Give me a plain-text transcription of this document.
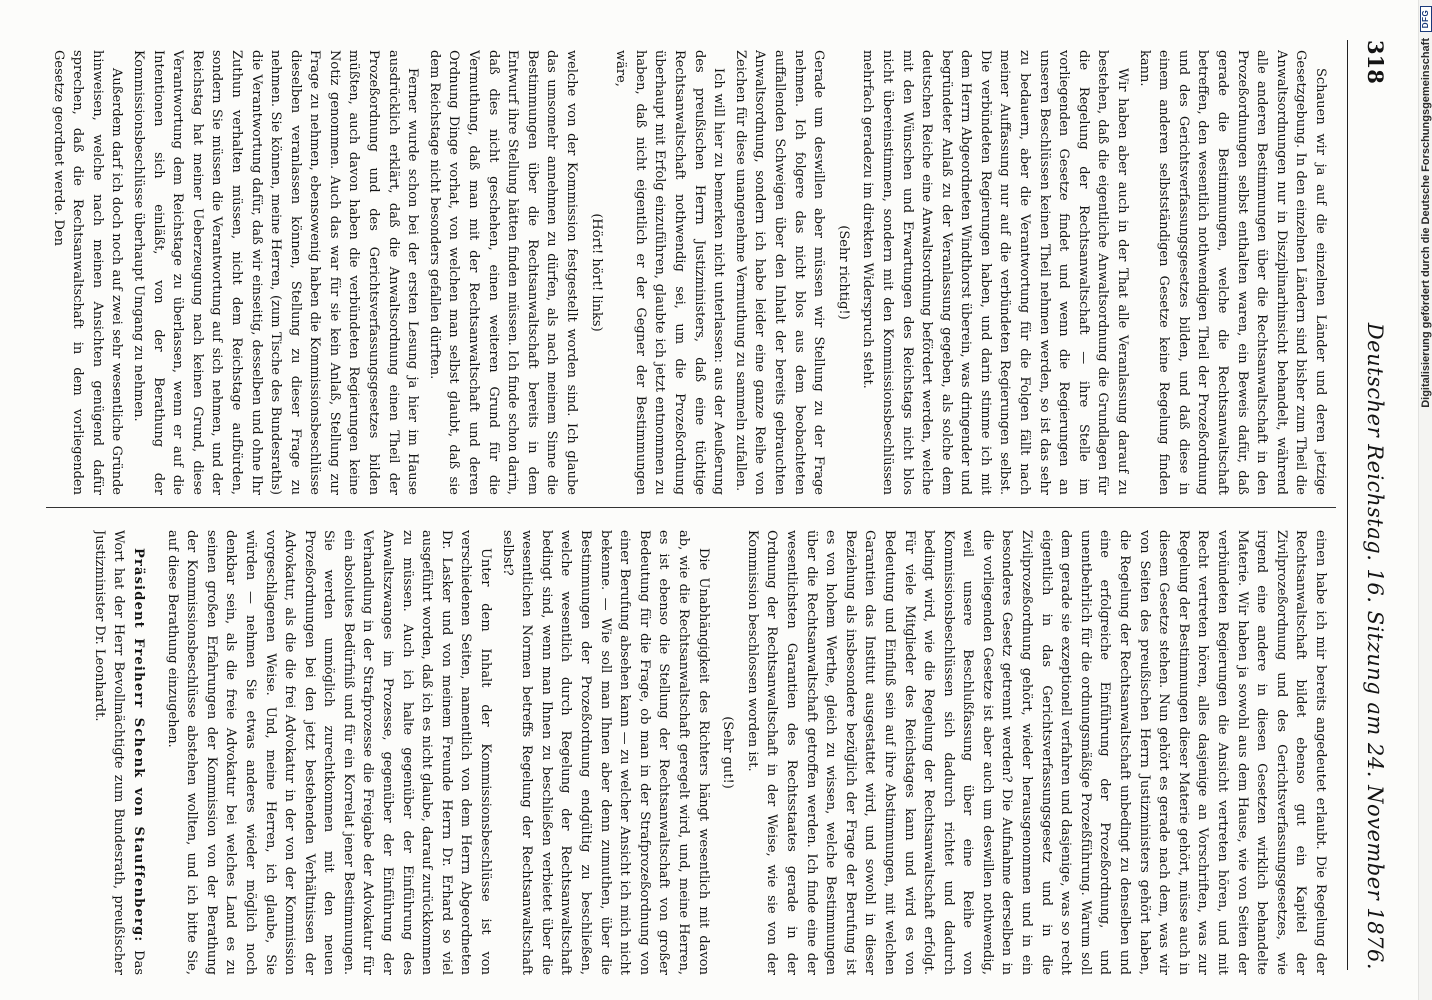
318
Deutscher Reichstag. 16. Sitzung am 24. November 1876.

Schauen wir ja auf die einzelnen Länder und deren jetzige Gesetzgebung. In den einzelnen Ländern sind bisher zum Theil die Anwaltsordnungen nur in Disziplinarhinsicht behandelt, während alle anderen Bestimmungen über die Rechtsanwaltschaft in den Prozeßordnungen selbst enthalten waren, ein Beweis dafür, daß gerade die Bestimmungen, welche die Rechtsanwaltschaft betreffen, den wesentlich nothwendigen Theil der Prozeßordnung und des Gerichtsverfassungsgesetzes bilden, und daß diese in einem anderen selbstständigen Gesetze keine Regelung finden kann.

Wir haben aber auch in der That alle Veranlassung darauf zu bestehen, daß die eigentliche Anwaltsordnung die Grundlagen für die Regelung der Rechtsanwaltschaft — ihre Stelle im vorliegenden Gesetze findet und wenn die Regierungen an unseren Beschlüssen keinen Theil nehmen werden, so ist das sehr zu bedauern, aber die Verantwortung für die Folgen fällt nach meiner Auffassung nur auf die verbündeten Regierungen selbst. Die verbündeten Regierungen haben, und darin stimme ich mit dem Herrn Abgeordneten Windthorst überein, was dringender und begründeter Anlaß zu der Veranlassung gegeben, als solche dem deutschen Reiche eine Anwaltsordnung befördert werden, welche mit den Wünschen und Erwartungen des Reichstags nicht blos nicht übereinstimmen, sondern mit den Kommissionsbeschlüssen mehrfach geradezu im direkten Widerspruch steht.

(Sehr richtig!)

Gerade um deswillen aber müssen wir Stellung zu der Frage nehmen. Ich folgere das nicht blos aus dem beobachteten auffallenden Schweigen über den Inhalt der bereits gebrauchten Anwaltsordnung, sondern ich habe leider eine ganze Reihe von Zeichen für diese unangenehme Vermuthung zu sammeln zufallen.

Ich will hier zu bemerken nicht unterlassen: aus der Aeußerung des preußischen Herrn Justizministers, daß eine tüchtige Rechtsanwaltschaft nothwendig sei, um die Prozeßordnung überhaupt mit Erfolg einzuführen, glaubte ich jetzt entnommen zu haben, daß nicht eigentlich er der Gegner der Bestimmungen wäre,

(Hört! hört! links)

welche von der Kommission festgestellt worden sind. Ich glaube das umsomehr annehmen zu dürfen, als nach meinem Sinne die Bestimmungen über die Rechtsanwaltschaft bereits in dem Entwurf ihre Stellung hätten finden müssen. Ich finde schon darin, daß dies nicht geschehen, einen weiteren Grund für die Vermuthung, daß man mit der Rechtsanwaltschaft und deren Ordnung Dinge vorhat, von welchen man selbst glaubt, daß sie dem Reichstage nicht besonders gefallen dürften.

Ferner wurde schon bei der ersten Lesung ja hier im Hause ausdrücklich erklärt, daß die Anwaltsordnung einen Theil der Prozeßordnung und des Gerichtsverfassungsgesetzes bilden müßten, auch davon haben die verbündeten Regierungen keine Notiz genommen. Auch das war für sie kein Anlaß, Stellung zur Frage zu nehmen, ebensowenig haben die Kommissionsbeschlüsse dieselben veranlassen können, Stellung zu dieser Frage zu nehmen. Sie können, meine Herren, (zum Tische des Bundesraths) die Verantwortung dafür, daß wir einseitig, desselben und ohne Ihr Zuthun verhalten müssen, nicht dem Reichstage aufbürden, sondern Sie müssen die Verantwortung auf sich nehmen, und der Reichstag hat meiner Ueberzeugung nach keinen Grund, diese Verantwortung dem Reichstage zu überlassen, wenn er auf die Intentionen sich einläßt, von der Berathung der Kommissionsbeschlüsse überhaupt Umgang zu nehmen.

Außerdem darf ich doch noch auf zwei sehr wesentliche Gründe hinweisen, welche nach meinen Ansichten genügend dafür sprechen, daß die Rechtsanwaltschaft in dem vorliegenden Gesetze geordnet werde. Den

einen habe ich mir bereits angedeutet erlaubt. Die Regelung der Rechtsanwaltschaft bildet ebenso gut ein Kapitel der Zivilprozeßordnung und des Gerichtsverfassungsgesetzes, wie irgend eine andere in diesen Gesetzen wirklich behandelte Materie. Wir haben ja sowohl aus dem Hause, wie von Seiten der verbündeten Regierungen die Ansicht vertreten hören, und mit Recht vertreten hören, alles dasjenige an Vorschriften, was zur Regelung der Bestimmungen dieser Materie gehört, müsse auch in diesem Gesetze stehen. Nun gehört es gerade nach dem, was wir von Seiten des preußischen Herrn Justizministers gehört haben, die Regelung der Rechtsanwaltschaft unbedingt zu denselben und eine erfolgreiche Einführung der Prozeßordnung, und unentbehrlich für die ordnungsmäßige Prozeßführung. Warum soll dem gerade sie exzeptionell verfahren und dasjenige, was so recht eigentlich in das Gerichtsverfassungsgesetz und in die Zivilprozeßordnung gehört, wieder herausgenommen und in ein besonderes Gesetz getrennt werden? Die Aufnahme derselben in die vorliegenden Gesetze ist aber auch um deswillen nothwendig, weil unsere Beschlußfassung über eine Reihe von Kommissionsbeschlüssen sich dadurch richtet und dadurch bedingt wird, wie die Regelung der Rechtsanwaltschaft erfolgt. Für viele Mitglieder des Reichstages kann und wird es von Bedeutung und Einfluß sein auf ihre Abstimmungen, mit welchen Garantien das Institut ausgestattet wird, und sowohl in dieser Beziehung als insbesondere bezüglich der Frage der Berufung ist es von hohem Werthe, gleich zu wissen, welche Bestimmungen über die Rechtsanwaltschaft getroffen werden. Ich finde eine der wesentlichsten Garantien des Rechtsstaates gerade in der Ordnung der Rechtsanwaltschaft in der Weise, wie sie von der Kommission beschlossen worden ist.

(Sehr gut!)

Die Unabhängigkeit des Richters hängt wesentlich mit davon ab, wie die Rechtsanwaltschaft geregelt wird, und, meine Herren, es ist ebenso die Stellung der Rechtsanwaltschaft von großer Bedeutung für die Frage, ob man in der Strafprozeßordnung von einer Berufung absehen kann — zu welcher Ansicht ich mich nicht bekenne. — Wie soll man Ihnen aber denn zumuthen, über die Bestimmungen der Prozeßordnung endgültig zu beschließen, welche wesentlich durch Regelung der Rechtsanwaltschaft bedingt sind, wenn man Ihnen zu beschließen verbietet über die wesentlichen Normen betreffs Regelung der Rechtsanwaltschaft selbst?

Unter dem Inhalt der Kommissionsbeschlüsse ist von verschiedenen Seiten, namentlich von dem Herrn Abgeordneten Dr. Lasker und von meinem Freunde Herrn Dr. Erhard so viel ausgeführt worden, daß ich es nicht glaube, darauf zurückkommen zu müssen. Auch ich halte gegenüber der Einführung des Anwaltszwanges im Prozesse, gegenüber der Einführung der Verhandlung in der Strafprozesse die Freigabe der Advokatur für ein absolutes Bedürfniß und für ein Korrelat jener Bestimmungen. Sie werden unmöglich zurechtkommen mit den neuen Prozeßordnungen bei den jetzt bestehenden Verhältnissen der Advokatur, als die die frei Advokatur in der von der Kommission vorgeschlagenen Weise. Und, meine Herren, ich glaube, Sie würden — nehmen Sie etwas anderes wieder möglich noch denkbar sein, als die freie Advokatur bei welches Land es zu seinen großen Erfahrungen der Kommission von der Berathung der Kommissionsbeschlüsse abstehen wollten, und ich bitte Sie, auf diese Berathung einzugehen.

Präsident Freiherr Schenk von Stauffenberg: Das Wort hat der Herr Bevollmächtigte zum Bundesrath, preußischer Justizminister Dr. Leonhardt.

Digitalisierung gefördert durch die Deutsche Forschungsgemeinschaft
DFG
